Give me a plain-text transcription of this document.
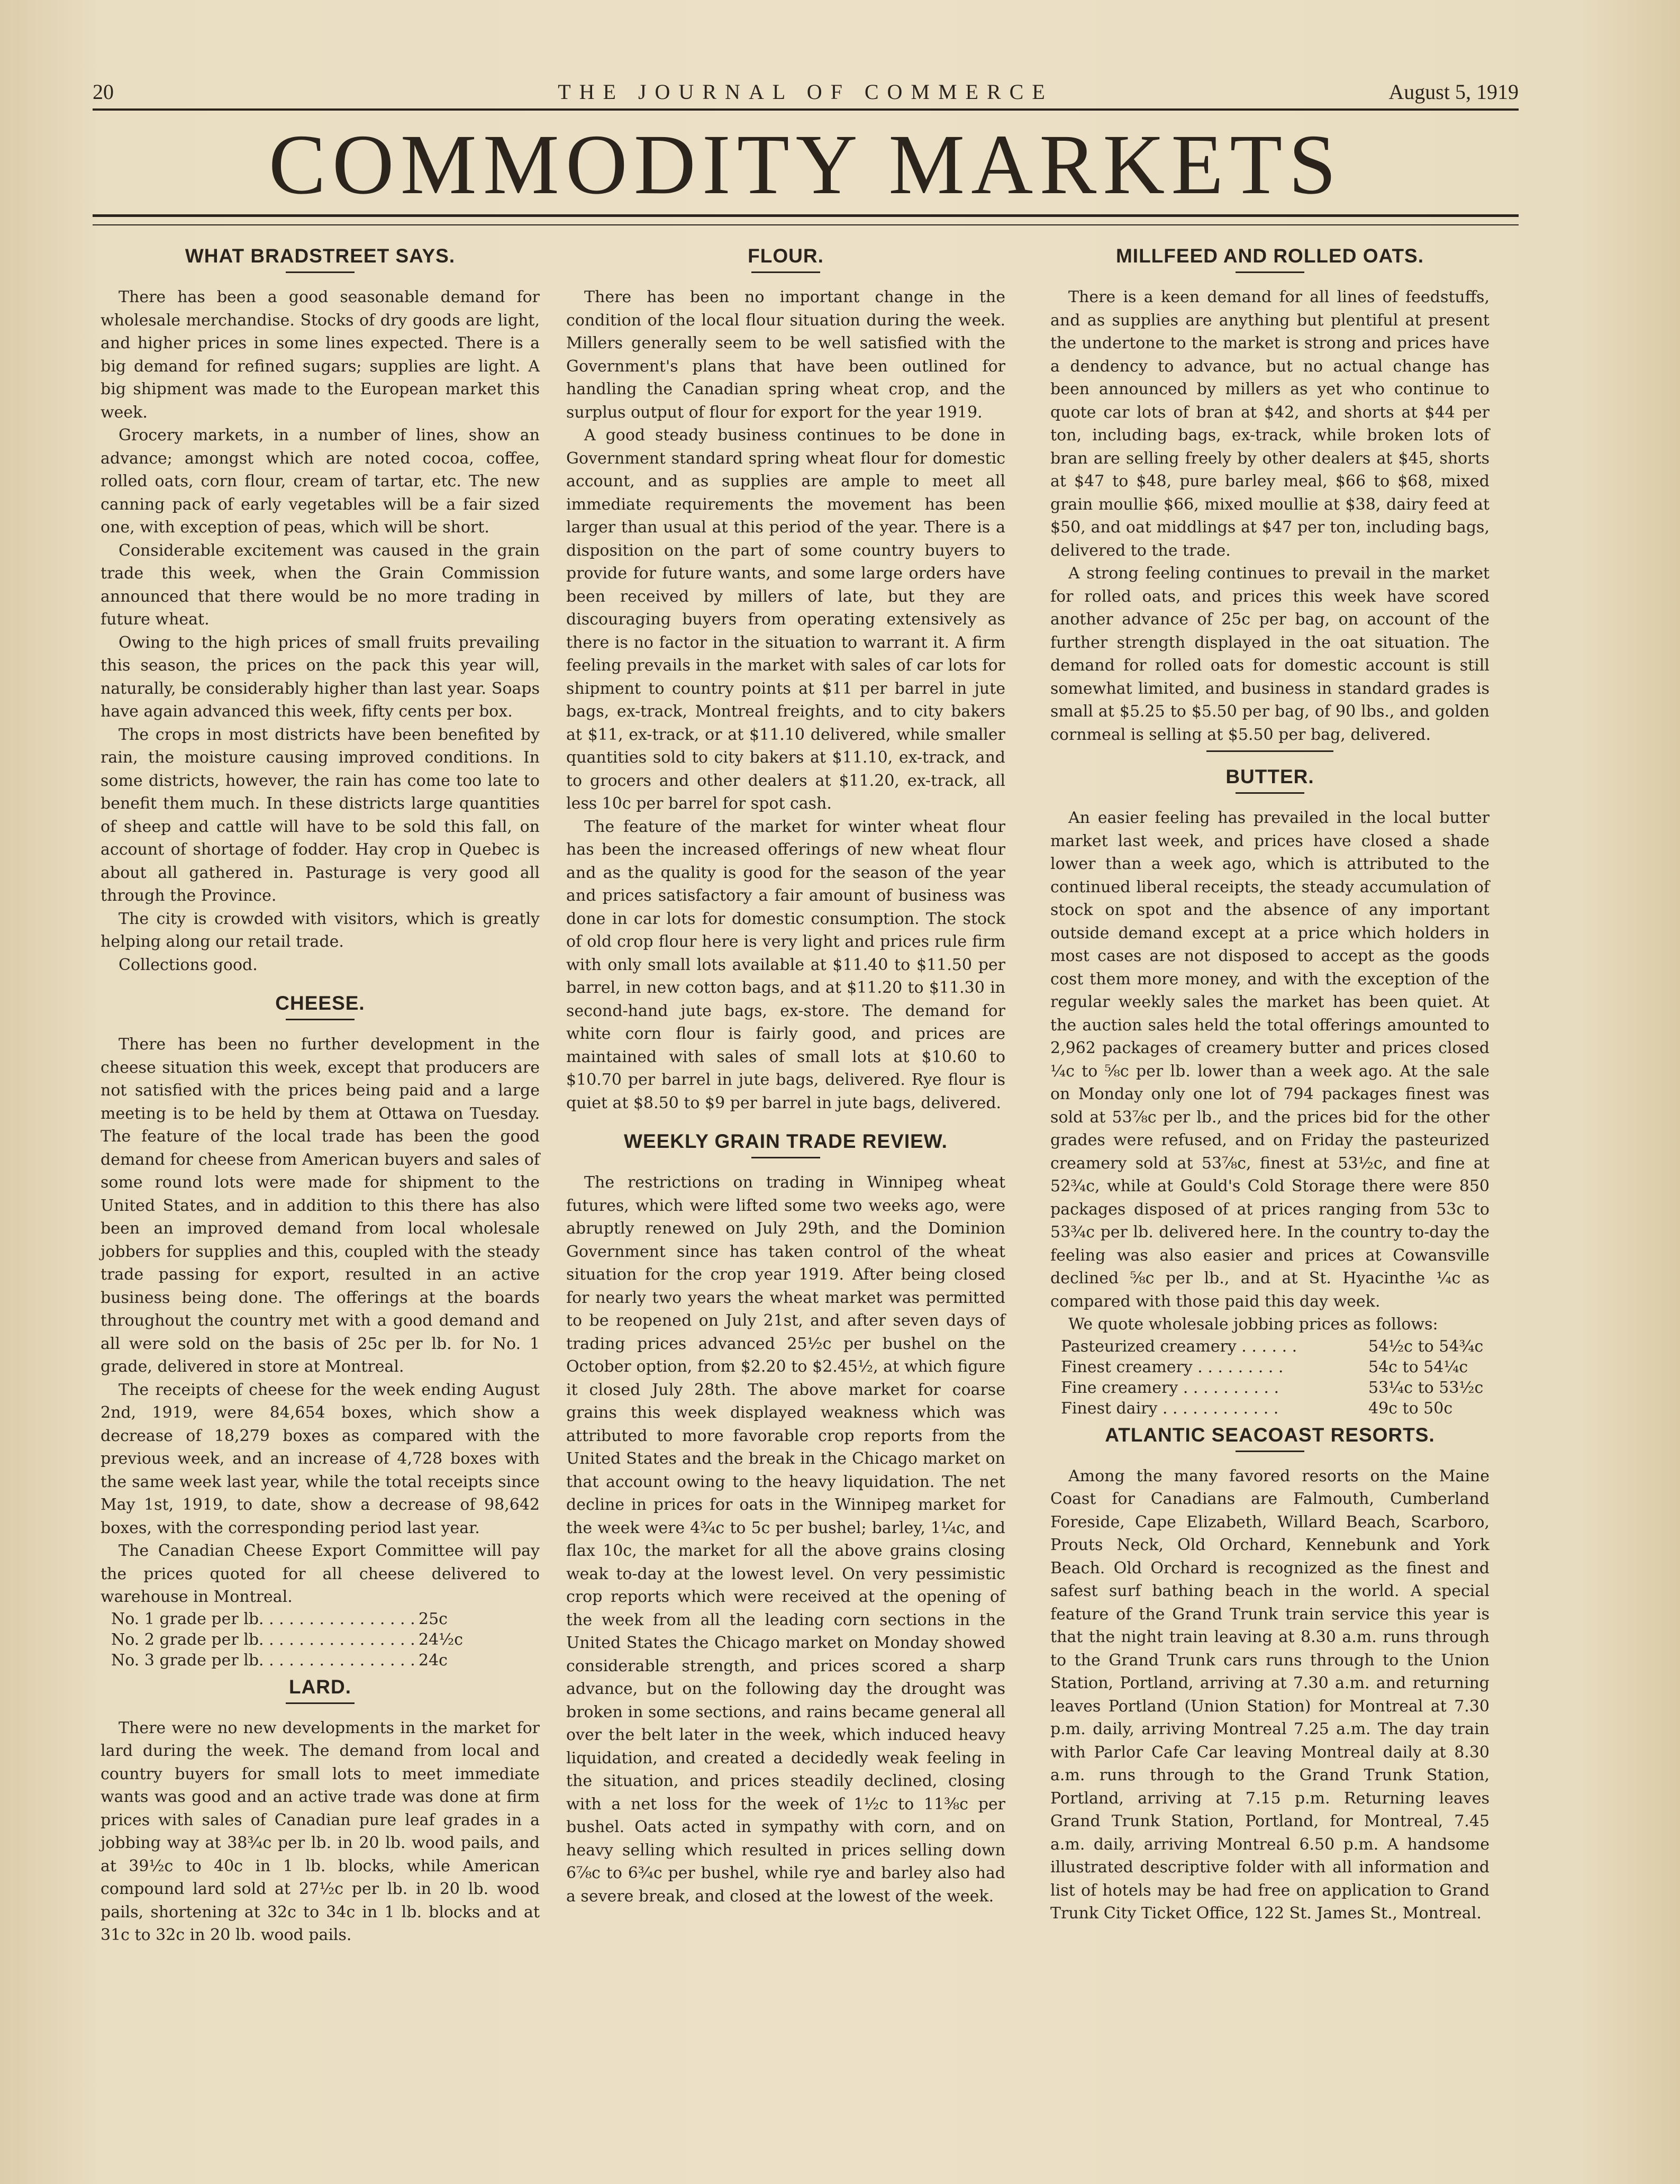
20	THE JOURNAL OF COMMERCE	August 5, 1919
COMMODITY MARKETS
WHAT BRADSTREET SAYS.

There has been a good seasonable demand for wholesale merchandise. Stocks of dry goods are light, and higher prices in some lines expected. There is a big demand for refined sugars; supplies are light. A big shipment was made to the European market this week.

Grocery markets, in a number of lines, show an advance; amongst which are noted cocoa, coffee, rolled oats, corn flour, cream of tartar, etc. The new canning pack of early vegetables will be a fair sized one, with exception of peas, which will be short.

Considerable excitement was caused in the grain trade this week, when the Grain Commission announced that there would be no more trading in future wheat.

Owing to the high prices of small fruits prevailing this season, the prices on the pack this year will, naturally, be considerably higher than last year. Soaps have again advanced this week, fifty cents per box.

The crops in most districts have been benefited by rain, the moisture causing improved conditions. In some districts, however, the rain has come too late to benefit them much. In these districts large quantities of sheep and cattle will have to be sold this fall, on account of shortage of fodder. Hay crop in Quebec is about all gathered in. Pasturage is very good all through the Province.

The city is crowded with visitors, which is greatly helping along our retail trade.

Collections good.

CHEESE.

There has been no further development in the cheese situation this week, except that producers are not satisfied with the prices being paid and a large meeting is to be held by them at Ottawa on Tuesday. The feature of the local trade has been the good demand for cheese from American buyers and sales of some round lots were made for shipment to the United States, and in addition to this there has also been an improved demand from local wholesale jobbers for supplies and this, coupled with the steady trade passing for export, resulted in an active business being done. The offerings at the boards throughout the country met with a good demand and all were sold on the basis of 25c per lb. for No. 1 grade, delivered in store at Montreal.

The receipts of cheese for the week ending August 2nd, 1919, were 84,654 boxes, which show a decrease of 18,279 boxes as compared with the previous week, and an increase of 4,728 boxes with the same week last year, while the total receipts since May 1st, 1919, to date, show a decrease of 98,642 boxes, with the corresponding period last year.

The Canadian Cheese Export Committee will pay the prices quoted for all cheese delivered to warehouse in Montreal.

No. 1 grade per lb. . . . . . . . . . . . . . . . 25c
No. 2 grade per lb. . . . . . . . . . . . . . . . 24½c
No. 3 grade per lb. . . . . . . . . . . . . . . . 24c
LARD.

There were no new developments in the market for lard during the week. The demand from local and country buyers for small lots to meet immediate wants was good and an active trade was done at firm prices with sales of Canadian pure leaf grades in a jobbing way at 38¾c per lb. in 20 lb. wood pails, and at 39½c to 40c in 1 lb. blocks, while American compound lard sold at 27½c per lb. in 20 lb. wood pails, shortening at 32c to 34c in 1 lb. blocks and at 31c to 32c in 20 lb. wood pails.

FLOUR.

There has been no important change in the condition of the local flour situation during the week. Millers generally seem to be well satisfied with the Government's plans that have been outlined for handling the Canadian spring wheat crop, and the surplus output of flour for export for the year 1919.

A good steady business continues to be done in Government standard spring wheat flour for domestic account, and as supplies are ample to meet all immediate requirements the movement has been larger than usual at this period of the year. There is a disposition on the part of some country buyers to provide for future wants, and some large orders have been received by millers of late, but they are discouraging buyers from operating extensively as there is no factor in the situation to warrant it. A firm feeling prevails in the market with sales of car lots for shipment to country points at $11 per barrel in jute bags, ex-track, Montreal freights, and to city bakers at $11, ex-track, or at $11.10 delivered, while smaller quantities sold to city bakers at $11.10, ex-track, and to grocers and other dealers at $11.20, ex-track, all less 10c per barrel for spot cash.

The feature of the market for winter wheat flour has been the increased offerings of new wheat flour and as the quality is good for the season of the year and prices satisfactory a fair amount of business was done in car lots for domestic consumption. The stock of old crop flour here is very light and prices rule firm with only small lots available at $11.40 to $11.50 per barrel, in new cotton bags, and at $11.20 to $11.30 in second-hand jute bags, ex-store. The demand for white corn flour is fairly good, and prices are maintained with sales of small lots at $10.60 to $10.70 per barrel in jute bags, delivered. Rye flour is quiet at $8.50 to $9 per barrel in jute bags, delivered.

WEEKLY GRAIN TRADE REVIEW.

The restrictions on trading in Winnipeg wheat futures, which were lifted some two weeks ago, were abruptly renewed on July 29th, and the Dominion Government since has taken control of the wheat situation for the crop year 1919. After being closed for nearly two years the wheat market was permitted to be reopened on July 21st, and after seven days of trading prices advanced 25½c per bushel on the October option, from $2.20 to $2.45½, at which figure it closed July 28th. The above market for coarse grains this week displayed weakness which was attributed to more favorable crop reports from the United States and the break in the Chicago market on that account owing to the heavy liquidation. The net decline in prices for oats in the Winnipeg market for the week were 4¾c to 5c per bushel; barley, 1¼c, and flax 10c, the market for all the above grains closing weak to-day at the lowest level. On very pessimistic crop reports which were received at the opening of the week from all the leading corn sections in the United States the Chicago market on Monday showed considerable strength, and prices scored a sharp advance, but on the following day the drought was broken in some sections, and rains became general all over the belt later in the week, which induced heavy liquidation, and created a decidedly weak feeling in the situation, and prices steadily declined, closing with a net loss for the week of 1½c to 11⅜c per bushel. Oats acted in sympathy with corn, and on heavy selling which resulted in prices selling down 6⅞c to 6¾c per bushel, while rye and barley also had a severe break, and closed at the lowest of the week.

MILLFEED AND ROLLED OATS.

There is a keen demand for all lines of feedstuffs, and as supplies are anything but plentiful at present the undertone to the market is strong and prices have a dendency to advance, but no actual change has been announced by millers as yet who continue to quote car lots of bran at $42, and shorts at $44 per ton, including bags, ex-track, while broken lots of bran are selling freely by other dealers at $45, shorts at $47 to $48, pure barley meal, $66 to $68, mixed grain moullie $66, mixed moullie at $38, dairy feed at $50, and oat middlings at $47 per ton, including bags, delivered to the trade.

A strong feeling continues to prevail in the market for rolled oats, and prices this week have scored another advance of 25c per bag, on account of the further strength displayed in the oat situation. The demand for rolled oats for domestic account is still somewhat limited, and business in standard grades is small at $5.25 to $5.50 per bag, of 90 lbs., and golden cornmeal is selling at $5.50 per bag, delivered.

BUTTER.

An easier feeling has prevailed in the local butter market last week, and prices have closed a shade lower than a week ago, which is attributed to the continued liberal receipts, the steady accumulation of stock on spot and the absence of any important outside demand except at a price which holders in most cases are not disposed to accept as the goods cost them more money, and with the exception of the regular weekly sales the market has been quiet. At the auction sales held the total offerings amounted to 2,962 packages of creamery butter and prices closed ¼c to ⅝c per lb. lower than a week ago. At the sale on Monday only one lot of 794 packages finest was sold at 53⅞c per lb., and the prices bid for the other grades were refused, and on Friday the pasteurized creamery sold at 53⅞c, finest at 53½c, and fine at 52¾c, while at Gould's Cold Storage there were 850 packages disposed of at prices ranging from 53c to 53¾c per lb. delivered here. In the country to-day the feeling was also easier and prices at Cowansville declined ⅝c per lb., and at St. Hyacinthe ¼c as compared with those paid this day week.

We quote wholesale jobbing prices as follows:

Pasteurized creamery . . . . . .	54½c to 54¾c
Finest creamery . . . . . . . . .	54c to 54¼c
Fine creamery . . . . . . . . . .	53¼c to 53½c
Finest dairy . . . . . . . . . . . .	49c to 50c
ATLANTIC SEACOAST RESORTS.

Among the many favored resorts on the Maine Coast for Canadians are Falmouth, Cumberland Foreside, Cape Elizabeth, Willard Beach, Scarboro, Prouts Neck, Old Orchard, Kennebunk and York Beach. Old Orchard is recognized as the finest and safest surf bathing beach in the world. A special feature of the Grand Trunk train service this year is that the night train leaving at 8.30 a.m. runs through to the Grand Trunk cars runs through to the Union Station, Portland, arriving at 7.30 a.m. and returning leaves Portland (Union Station) for Montreal at 7.30 p.m. daily, arriving Montreal 7.25 a.m. The day train with Parlor Cafe Car leaving Montreal daily at 8.30 a.m. runs through to the Grand Trunk Station, Portland, arriving at 7.15 p.m. Returning leaves Grand Trunk Station, Portland, for Montreal, 7.45 a.m. daily, arriving Montreal 6.50 p.m. A handsome illustrated descriptive folder with all information and list of hotels may be had free on application to Grand Trunk City Ticket Office, 122 St. James St., Montreal.
